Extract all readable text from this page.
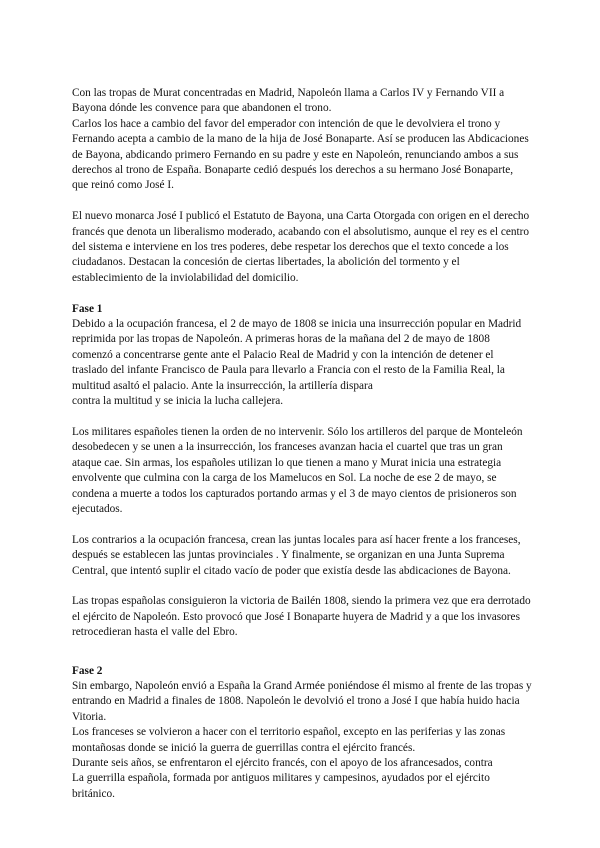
Con las tropas de Murat concentradas en Madrid, Napoleón llama a Carlos IV y Fernando VII a Bayona dónde les convence para que abandonen el trono.

Carlos los hace a cambio del favor del emperador con intención de que le devolviera el trono y Fernando acepta a cambio de la mano de la hija de José Bonaparte. Así se producen las Abdicaciones de Bayona, abdicando primero Fernando en su padre y este en Napoleón, renunciando ambos a sus derechos al trono de España. Bonaparte cedió después los derechos a su hermano José Bonaparte, que reinó como José I.

El nuevo monarca José I publicó el Estatuto de Bayona, una Carta Otorgada con origen en el derecho francés que denota un liberalismo moderado, acabando con el absolutismo, aunque el rey es el centro del sistema e interviene en los tres poderes, debe respetar los derechos que el texto concede a los ciudadanos. Destacan la concesión de ciertas libertades, la abolición del tormento y el establecimiento de la inviolabilidad del domicilio.

Fase 1

Debido a la ocupación francesa, el 2 de mayo de 1808 se inicia una insurrección popular en Madrid reprimida por las tropas de Napoleón. A primeras horas de la mañana del 2 de mayo de 1808 comenzó a concentrarse gente ante el Palacio Real de Madrid y con la intención de detener el traslado del infante Francisco de Paula para llevarlo a Francia con el resto de la Familia Real, la multitud asaltó el palacio. Ante la insurrección, la artillería dispara

contra la multitud y se inicia la lucha callejera.

Los militares españoles tienen la orden de no intervenir. Sólo los artilleros del parque de Monteleón desobedecen y se unen a la insurrección, los franceses avanzan hacia el cuartel que tras un gran ataque cae. Sin armas, los españoles utilizan lo que tienen a mano y Murat inicia una estrategia envolvente que culmina con la carga de los Mamelucos en Sol. La noche de ese 2 de mayo, se condena a muerte a todos los capturados portando armas y el 3 de mayo cientos de prisioneros son ejecutados.

Los contrarios a la ocupación francesa, crean las juntas locales para así hacer frente a los franceses, después se establecen las juntas provinciales . Y finalmente, se organizan en una Junta Suprema Central, que intentó suplir el citado vacío de poder que existía desde las abdicaciones de Bayona.

Las tropas españolas consiguieron la victoria de Bailén 1808, siendo la primera vez que era derrotado el ejército de Napoleón. Esto provocó que José I Bonaparte huyera de Madrid y a que los invasores retrocedieran hasta el valle del Ebro.

Fase 2

Sin embargo, Napoleón envió a España la Grand Armée poniéndose él mismo al frente de las tropas y entrando en Madrid a finales de 1808. Napoleón le devolvió el trono a José I que había huido hacia Vitoria.

Los franceses se volvieron a hacer con el territorio español, excepto en las periferias y las zonas montañosas donde se inició la guerra de guerrillas contra el ejército francés.

Durante seis años, se enfrentaron el ejército francés, con el apoyo de los afrancesados, contra

La guerrilla española, formada por antiguos militares y campesinos, ayudados por el ejército británico.
